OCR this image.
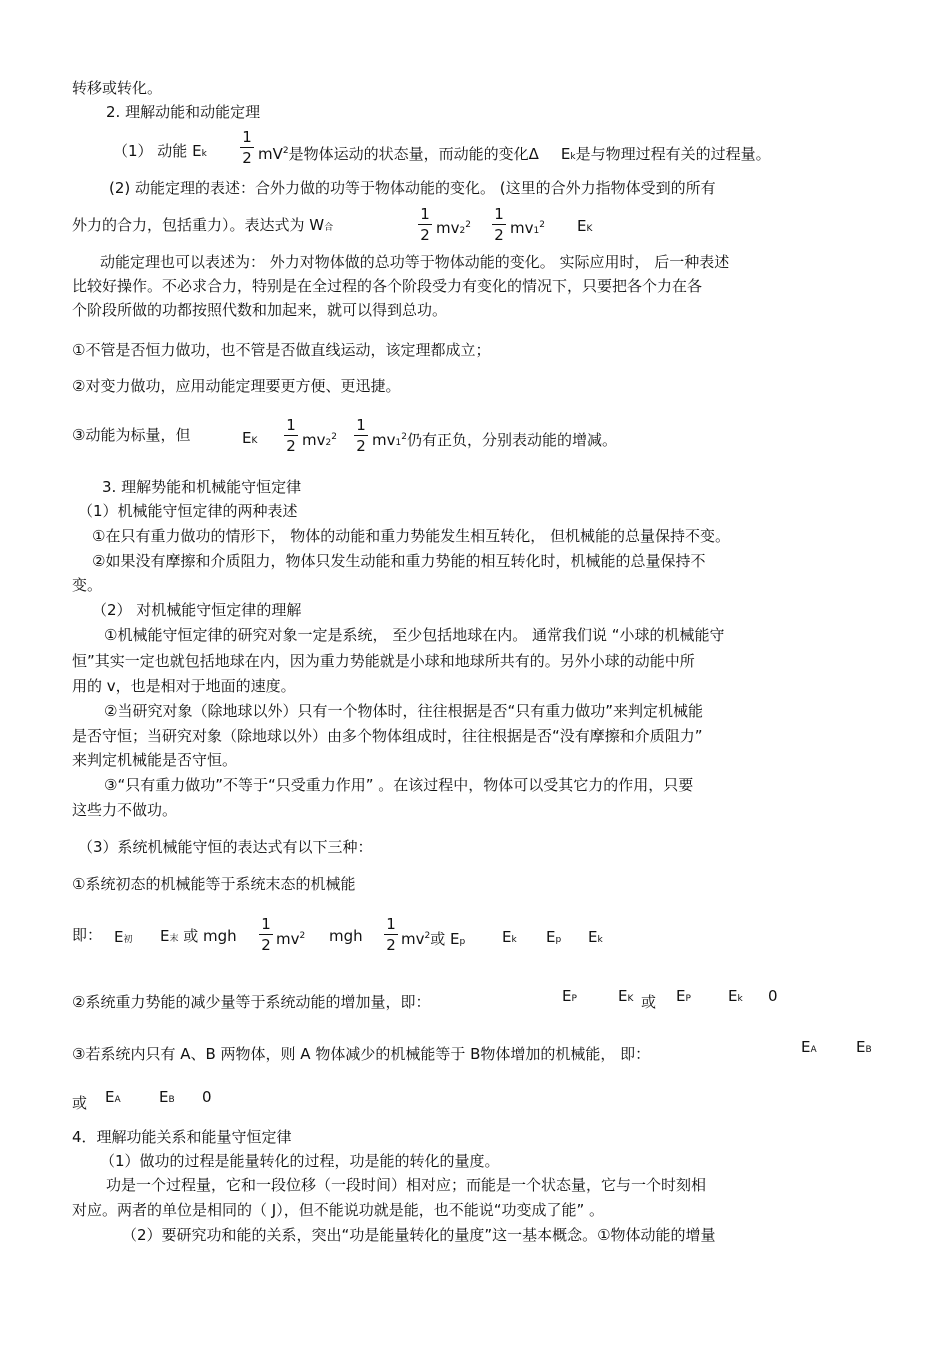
转移或转化。
2. 理解动能和动能定理
（1） 动能 Ek
1
2 $mV^2$是物体运动的状态量，而动能的变化Δ Ek是与物理过程有关的过程量。
(2) 动能定理的表述：合外力做的功等于物体动能的变化。 (这里的合外力指物体受到的所有
外力的合力，包括重力）。表达式为 W合
1
2 $mv2^2$
1
2 $mv1^2$ EK
动能定理也可以表述为： 外力对物体做的总功等于物体动能的变化。 实际应用时， 后一种表述
比较好操作。不必求合力，特别是在全过程的各个阶段受力有变化的情况下，只要把各个力在各
个阶段所做的功都按照代数和加起来，就可以得到总功。
①不管是否恒力做功，也不管是否做直线运动，该定理都成立；
②对变力做功，应用动能定理要更方便、更迅捷。
③动能为标量，但	EK
1
2 $mv2^2$
1
2 $mv1^2$仍有正负，分别表动能的增减。
3. 理解势能和机械能守恒定律
（1）机械能守恒定律的两种表述
①在只有重力做功的情形下， 物体的动能和重力势能发生相互转化， 但机械能的总量保持不变。
②如果没有摩擦和介质阻力，物体只发生动能和重力势能的相互转化时，机械能的总量保持不
变。
（2） 对机械能守恒定律的理解
①机械能守恒定律的研究对象一定是系统， 至少包括地球在内。 通常我们说 “小球的机械能守
恒”其实一定也就包括地球在内，因为重力势能就是小球和地球所共有的。另外小球的动能中所
用的 v，也是相对于地面的速度。
②当研究对象（除地球以外）只有一个物体时，往往根据是否“只有重力做功”来判定机械能
是否守恒；当研究对象（除地球以外）由多个物体组成时，往往根据是否“没有摩擦和介质阻力”
来判定机械能是否守恒。
③“只有重力做功”不等于“只受重力作用” 。在该过程中，物体可以受其它力的作用，只要
这些力不做功。
（3）系统机械能守恒的表达式有以下三种：
①系统初态的机械能等于系统末态的机械能
即： E初 E末 或 mgh
1
2 $mv^2$ mgh
1
2 $mv^2$或 Ep Ek Ep Ek
②系统重力势能的减少量等于系统动能的增加量，即：	EP	EK 或 EP Ek 0
③若系统内只有 A、B 两物体，则 A 物体减少的机械能等于 B物体增加的机械能， 即：	EA	EB
或 EA	EB 0
4．理解功能关系和能量守恒定律
（1）做功的过程是能量转化的过程，功是能的转化的量度。
功是一个过程量，它和一段位移（一段时间）相对应；而能是一个状态量，它与一个时刻相
对应。两者的单位是相同的（ J），但不能说功就是能，也不能说“功变成了能” 。
（2）要研究功和能的关系，突出“功是能量转化的量度”这一基本概念。①物体动能的增量
